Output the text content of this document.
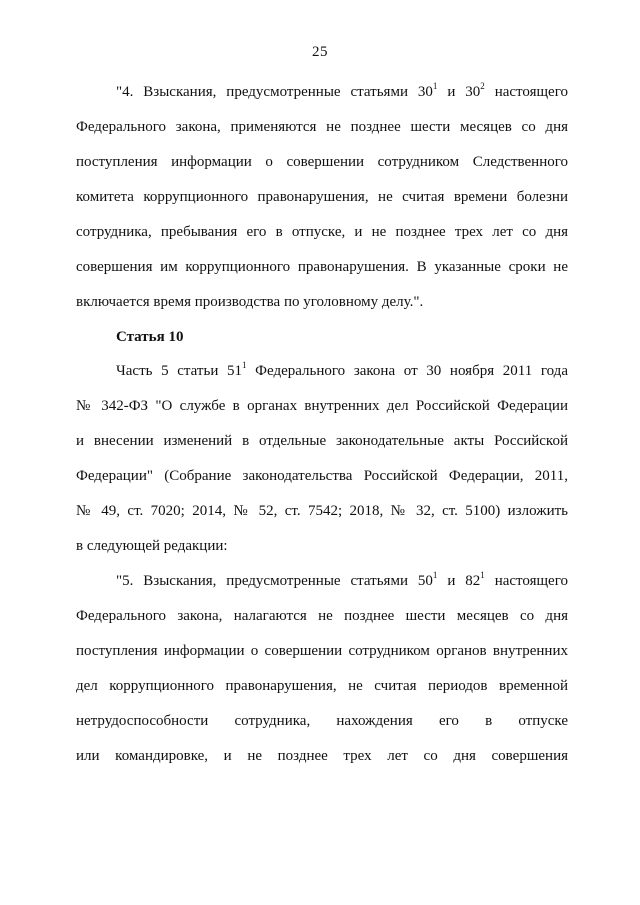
25
"4. Взыскания, предусмотренные статьями $30^1$ и $30^2$ настоящего
Федерального закона, применяются не позднее шести месяцев со дня
поступления информации о совершении сотрудником Следственного
комитета коррупционного правонарушения, не считая времени болезни
сотрудника, пребывания его в отпуске, и не позднее трех лет со дня
совершения им коррупционного правонарушения. В указанные сроки не
включается время производства по уголовному делу.".
Статья 10
Часть 5 статьи $51^1$ Федерального закона от 30 ноября 2011 года
№ 342-ФЗ "О службе в органах внутренних дел Российской Федерации
и внесении изменений в отдельные законодательные акты Российской
Федерации" (Собрание законодательства Российской Федерации, 2011,
№ 49, ст. 7020; 2014, № 52, ст. 7542; 2018, № 32, ст. 5100) изложить
в следующей редакции:
"5. Взыскания, предусмотренные статьями $50^1$ и $82^1$ настоящего
Федерального закона, налагаются не позднее шести месяцев со дня
поступления информации о совершении сотрудником органов внутренних
дел коррупционного правонарушения, не считая периодов временной
нетрудоспособности сотрудника, нахождения его в отпуске
или командировке, и не позднее трех лет со дня совершения
